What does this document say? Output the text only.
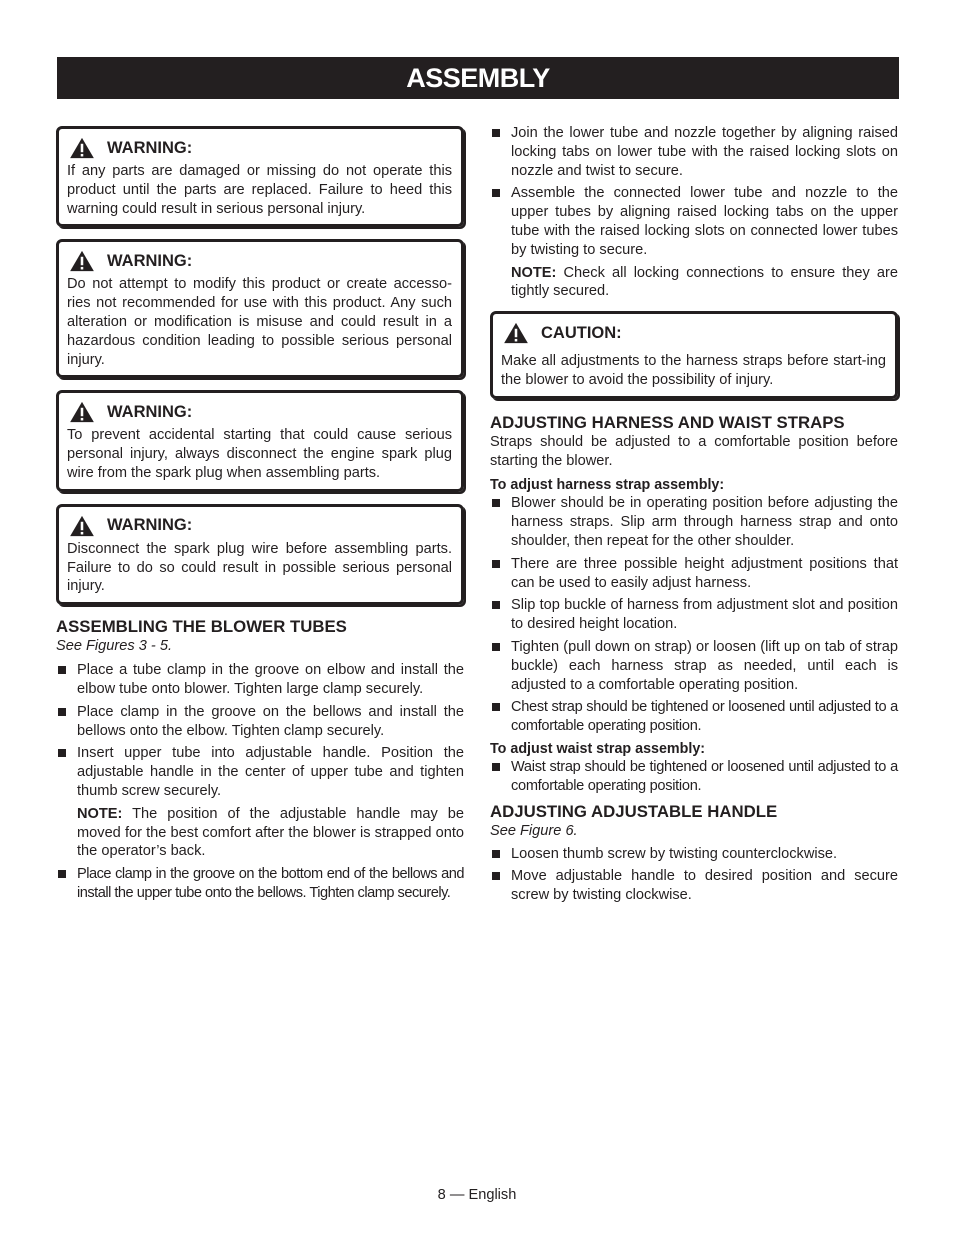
ASSEMBLY
WARNING:

If any parts are damaged or missing do not operate this product until the parts are replaced. Failure to heed this warning could result in serious personal injury.

WARNING:

Do not attempt to modify this product or create accesso-ries not recommended for use with this product. Any such alteration or modification is misuse and could result in a hazardous condition leading to possible serious personal injury.

WARNING:

To prevent accidental starting that could cause serious personal injury, always disconnect the engine spark plug wire from the spark plug when assembling parts.

WARNING:

Disconnect the spark plug wire before assembling parts. Failure to do so could result in possible serious personal injury.

ASSEMBLING THE BLOWER TUBES
See Figures 3 - 5.
Place a tube clamp in the groove on elbow and install the elbow tube onto blower. Tighten large clamp securely.
Place clamp in the groove on the bellows and install the bellows onto the elbow. Tighten clamp securely.
Insert upper tube into adjustable handle. Position the adjustable handle in the center of upper tube and tighten thumb screw securely.

NOTE: The position of the adjustable handle may be moved for the best comfort after the blower is strapped onto the operator’s back.

Place clamp in the groove on the bottom end of the bellows and install the upper tube onto the bellows. Tighten clamp securely.
Join the lower tube and nozzle together by aligning raised locking tabs on lower tube with the raised locking slots on nozzle and twist to secure.
Assemble the connected lower tube and nozzle to the upper tubes by aligning raised locking tabs on the upper tube with the raised locking slots on connected lower tubes by twisting to secure.

NOTE: Check all locking connections to ensure they are tightly secured.

CAUTION:

Make all adjustments to the harness straps before start-ing the blower to avoid the possibility of injury.

ADJUSTING HARNESS AND WAIST STRAPS

Straps should be adjusted to a comfortable position before starting the blower.

To adjust harness strap assembly:
Blower should be in operating position before adjusting the harness straps. Slip arm through harness strap and onto shoulder, then repeat for the other shoulder.
There are three possible height adjustment positions that can be used to easily adjust harness.
Slip top buckle of harness from adjustment slot and position to desired height location.
Tighten (pull down on strap) or loosen (lift up on tab of strap buckle) each harness strap as needed, until each is adjusted to a comfortable operating position.
Chest strap should be tightened or loosened until adjusted to a comfortable operating position.
To adjust waist strap assembly:
Waist strap should be tightened or loosened until adjusted to a comfortable operating position.
ADJUSTING ADJUSTABLE HANDLE
See Figure 6.
Loosen thumb screw by twisting counterclockwise.
Move adjustable handle to desired position and secure screw by twisting clockwise.
8 — English
